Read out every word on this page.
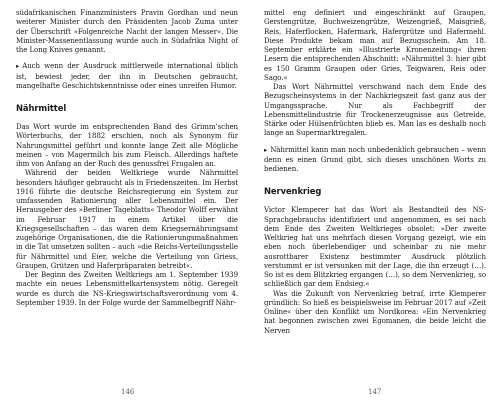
südafrikanischen Finanzministers Pravin Gordhan und neun weiterer Minister durch den Präsidenten Jacob Zuma unter der Überschrift »Folgenreiche Nacht der langen Messer«. Die Minister-Massenentlassung wurde auch in Südafrika Night of the Long Knives genannt.

▸ Auch wenn der Ausdruck mittlerweile international üblich ist, bewiest jeder, der ihn in Deutschen gebraucht, mangelhafte Geschichtskenntnisse oder eines unreifen Humor.

Nährmittel

Das Wort wurde im entsprechenden Band des Grimm’schen Wörterbuchs, der 1882 erschien, noch als Synonym für Nahrungsmittel geführt und konnte lange Zeit alle Mögliche meinen – von Magermilch bis zum Fleisch. Allerdings haftete ihm von Anfang an der Ruch des genussfrei Frugalen an.

Während der beiden Weltkriege wurde Nährmittel besonders häufiger gebraucht als in Friedenszeiten. Im Herbst 1916 führte die deutsche Reichsregierung ein System zur umfassenden Rationierung aller Lebensmittel ein. Der Herausgeber des »Berliner Tageblatts« Theodor Wolff erwähnt im Februar 1917 in einem Artikel über die Kriegsgesellschaften – das waren dem Kriegsernährungsamt zugehörige Organisationen, die die Rationierungsmaßnahmen in die Tat umsetzen sollten – auch »die Reichs-Verteilungsstelle für Nährmittel und Eier, welche die Verteilung von Griess, Graupen, Grützen und Haferpräparaten betreibt«.

Der Beginn des Zweiten Weltkriegs am 1. September 1939 machte ein neues Lebensmittelkartensystem nötig. Geregelt wurde es durch die NS-Kriegswirtschaftsverordnung vom 4. September 1939. In der Folge wurde der Sammelbegriff Nähr-

146

mittel eng definiert und eingeschränkt auf Graupen, Gerstengrütze, Buchweizengrütze, Weizengrieß, Maisgrieß, Reis, Haferflocken, Hafermark, Hafergrütze und Hafermehl. Diese Produkte bekam man auf Bezugsschein. Am 18. September erklärte ein »Illustrierte Kronenzeitung« ihren Lesern die entsprechenden Abschnitt: »Nährmittel 3: hier gibt es 150 Gramm Graupen oder Gries, Teigwaren, Reis oder Sago.«

Das Wort Nährmittel verschwand nach dem Ende des Bezugscheinsystems in der Nachkriegszeit fast ganz aus der Umgangssprache. Nur als Fachbegriff der Lebensmittelindustrie für Trockenerzeugnisse aus Getreide, Stärke oder Hülsenfrüchten blieb es. Man las es deshalb noch lange an Supermarktregalen.

▸ Nährmittel kann man noch unbedenklich gebrauchen – wenn denn es einen Grund gibt, sich dieses unschönen Worts zu bedienen.

Nervenkrieg

Victor Klemperer hat das Wort als Bestandteil des NS-Sprachgebrauchs identifiziert und angenommen, es sei nach dem Ende des Zweiten Weltkrieges obsolet: »Der zweite Weltkrieg hat uns mehrfach diesen Vorgang gezeigt, wie ein eben noch überlebendiger und scheinbar zu nie mehr ausrottbarer Existenz bestimmter Ausdruck plötzlich verstummt er ist versunken mit der Lage, die ihn erzeugt (…). So ist es dem Blitzkrieg ergangen (…), so dem Nervenkrieg, so schließlich gar dem Endsieg.«

Was die Zukunft von Nervenkrieg betraf, irrte Klemperer gründlich: So hieß es beispielsweise im Februar 2017 auf »Zeit Online« über den Konflikt um Nordkorea: »Ein Nervenkrieg hat begonnen zwischen zwei Egomanen, die beide leicht die Nerven

147
